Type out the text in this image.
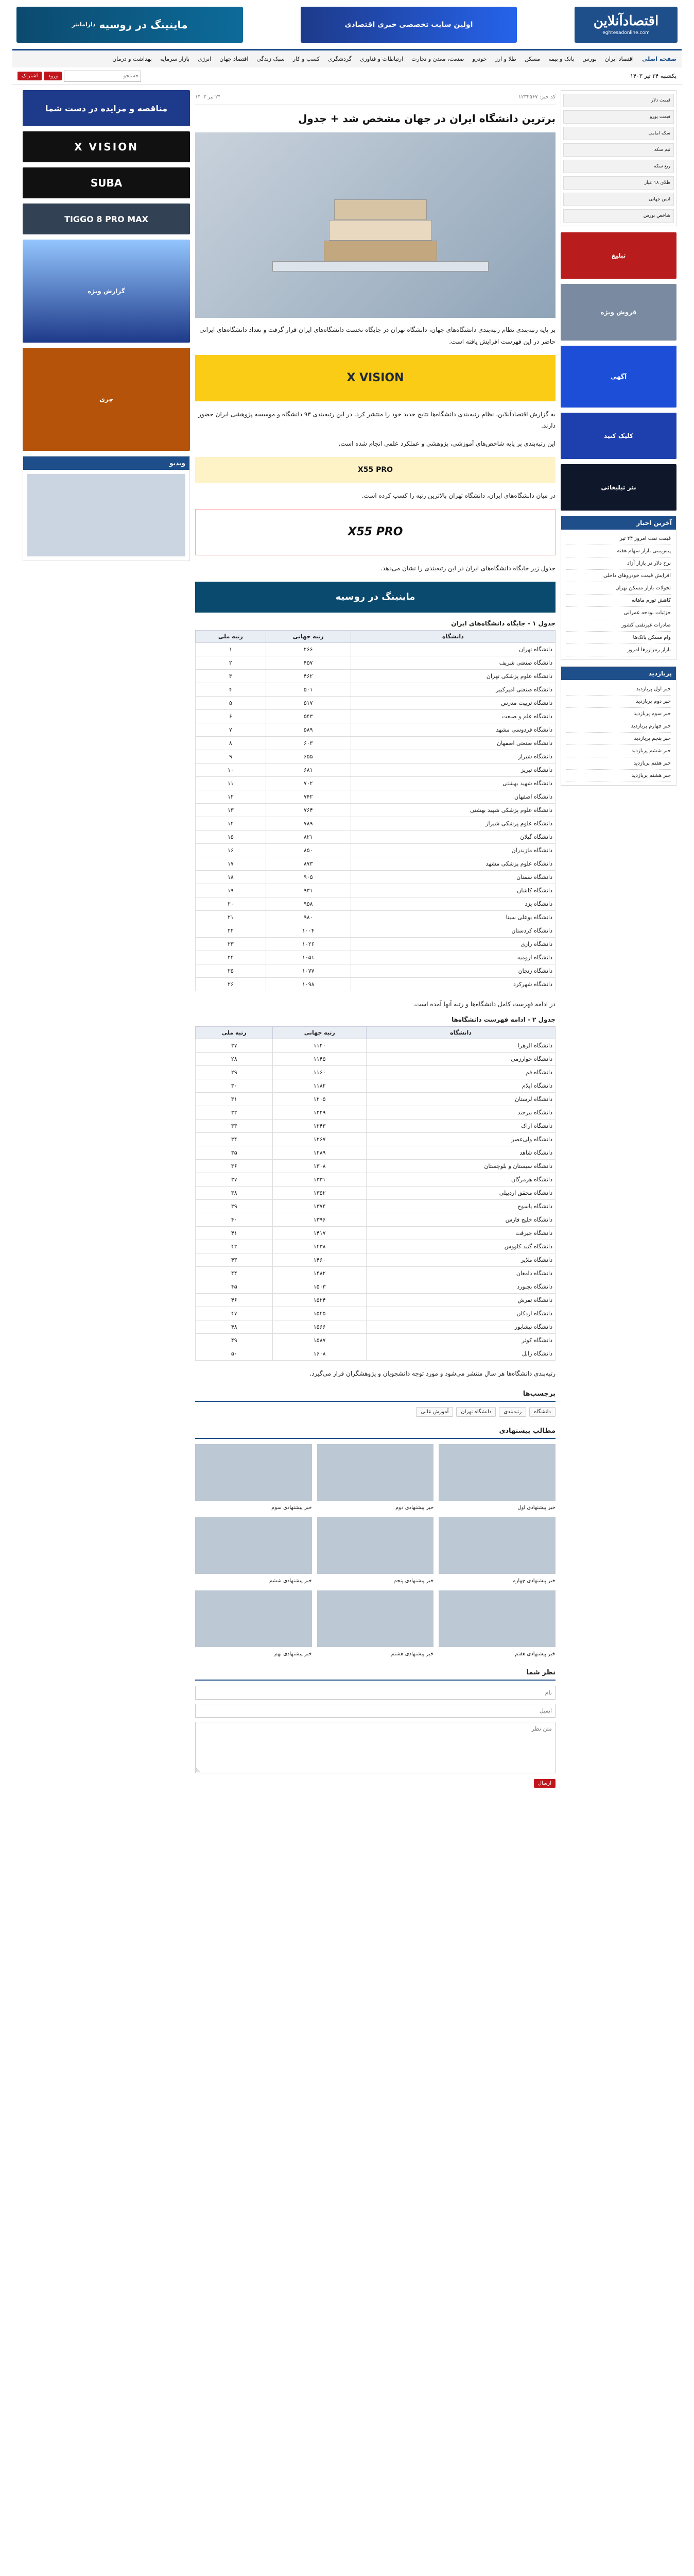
اقتصادآنلاین
eghtesadonline.com
اولین سایت تخصصی خبری اقتصادی
ماینینگ در روسیه

داراماینر
صفحه اصلی
اقتصاد ایران
بورس
بانک و بیمه
مسکن
طلا و ارز
خودرو
صنعت، معدن و تجارت
ارتباطات و فناوری
گردشگری
کسب و کار
سبک زندگی
اقتصاد جهان
انرژی
بازار سرمایه
بهداشت و درمان
یکشنبه ۲۴ تیر ۱۴۰۳
جستجو
ورود
اشتراک
قیمت دلار
قیمت یورو
سکه امامی
نیم سکه
ربع سکه
طلای ۱۸ عیار
انس جهانی
شاخص بورس
تبلیغ
فروش ویژه
آگهی
کلیک کنید
بنر تبلیغاتی
آخرین اخبار
قیمت نفت امروز ۲۴ تیر
پیش‌بینی بازار سهام هفته
نرخ دلار در بازار آزاد
افزایش قیمت خودروهای داخلی
تحولات بازار مسکن تهران
کاهش تورم ماهانه
جزئیات بودجه عمرانی
صادرات غیرنفتی کشور
وام مسکن بانک‌ها
بازار رمزارزها امروز
پربازدید
خبر اول پربازدید
خبر دوم پربازدید
خبر سوم پربازدید
خبر چهارم پربازدید
خبر پنجم پربازدید
خبر ششم پربازدید
خبر هفتم پربازدید
خبر هشتم پربازدید
کد خبر: ۱۲۳۴۵۶۷
۲۴ تیر ۱۴۰۳
برترین دانشگاه ایران در جهان مشخص شد + جدول

بر پایه رتبه‌بندی نظام رتبه‌بندی دانشگاه‌های جهان، دانشگاه تهران در جایگاه نخست دانشگاه‌های ایران قرار گرفت و تعداد دانشگاه‌های ایرانی حاضر در این فهرست افزایش یافته است.

X VISION

به گزارش اقتصادآنلاین، نظام رتبه‌بندی دانشگاه‌ها نتایج جدید خود را منتشر کرد. در این رتبه‌بندی ۹۳ دانشگاه و موسسه پژوهشی ایران حضور دارند.

این رتبه‌بندی بر پایه شاخص‌های آموزشی، پژوهشی و عملکرد علمی انجام شده است.

X55 PRO

در میان دانشگاه‌های ایران، دانشگاه تهران بالاترین رتبه را کسب کرده است.

X55 PRO

جدول زیر جایگاه دانشگاه‌های ایران در این رتبه‌بندی را نشان می‌دهد.

ماینینگ در روسیه
جدول ۱ - جایگاه دانشگاه‌های ایران
دانشگاه	رتبه جهانی	رتبه ملی
دانشگاه تهران	۲۶۶	۱
دانشگاه صنعتی شریف	۴۵۷	۲
دانشگاه علوم پزشکی تهران	۴۶۲	۳
دانشگاه صنعتی امیرکبیر	۵۰۱	۴
دانشگاه تربیت مدرس	۵۱۷	۵
دانشگاه علم و صنعت	۵۴۳	۶
دانشگاه فردوسی مشهد	۵۸۹	۷
دانشگاه صنعتی اصفهان	۶۰۳	۸
دانشگاه شیراز	۶۵۵	۹
دانشگاه تبریز	۶۸۱	۱۰
دانشگاه شهید بهشتی	۷۰۲	۱۱
دانشگاه اصفهان	۷۴۲	۱۲
دانشگاه علوم پزشکی شهید بهشتی	۷۶۴	۱۳
دانشگاه علوم پزشکی شیراز	۷۸۹	۱۴
دانشگاه گیلان	۸۲۱	۱۵
دانشگاه مازندران	۸۵۰	۱۶
دانشگاه علوم پزشکی مشهد	۸۷۳	۱۷
دانشگاه سمنان	۹۰۵	۱۸
دانشگاه کاشان	۹۳۱	۱۹
دانشگاه یزد	۹۵۸	۲۰
دانشگاه بوعلی سینا	۹۸۰	۲۱
دانشگاه کردستان	۱۰۰۴	۲۲
دانشگاه رازی	۱۰۲۶	۲۳
دانشگاه ارومیه	۱۰۵۱	۲۴
دانشگاه زنجان	۱۰۷۷	۲۵
دانشگاه شهرکرد	۱۰۹۸	۲۶

در ادامه فهرست کامل دانشگاه‌ها و رتبه آنها آمده است.

جدول ۲ - ادامه فهرست دانشگاه‌ها
دانشگاه	رتبه جهانی	رتبه ملی
دانشگاه الزهرا	۱۱۲۰	۲۷
دانشگاه خوارزمی	۱۱۴۵	۲۸
دانشگاه قم	۱۱۶۰	۲۹
دانشگاه ایلام	۱۱۸۲	۳۰
دانشگاه لرستان	۱۲۰۵	۳۱
دانشگاه بیرجند	۱۲۲۹	۳۲
دانشگاه اراک	۱۲۴۳	۳۳
دانشگاه ولی‌عصر	۱۲۶۷	۳۴
دانشگاه شاهد	۱۲۸۹	۳۵
دانشگاه سیستان و بلوچستان	۱۳۰۸	۳۶
دانشگاه هرمزگان	۱۳۳۱	۳۷
دانشگاه محقق اردبیلی	۱۳۵۲	۳۸
دانشگاه یاسوج	۱۳۷۴	۳۹
دانشگاه خلیج فارس	۱۳۹۶	۴۰
دانشگاه جیرفت	۱۴۱۷	۴۱
دانشگاه گنبد کاووس	۱۴۳۸	۴۲
دانشگاه ملایر	۱۴۶۰	۴۳
دانشگاه دامغان	۱۴۸۲	۴۴
دانشگاه بجنورد	۱۵۰۳	۴۵
دانشگاه تفرش	۱۵۲۴	۴۶
دانشگاه اردکان	۱۵۴۵	۴۷
دانشگاه نیشابور	۱۵۶۶	۴۸
دانشگاه کوثر	۱۵۸۷	۴۹
دانشگاه زابل	۱۶۰۸	۵۰

رتبه‌بندی دانشگاه‌ها هر سال منتشر می‌شود و مورد توجه دانشجویان و پژوهشگران قرار می‌گیرد.

برچسب‌ها
دانشگاه
رتبه‌بندی
دانشگاه تهران
آموزش عالی
مطالب پیشنهادی
خبر پیشنهادی اول
خبر پیشنهادی دوم
خبر پیشنهادی سوم
خبر پیشنهادی چهارم
خبر پیشنهادی پنجم
خبر پیشنهادی ششم
خبر پیشنهادی هفتم
خبر پیشنهادی هشتم
خبر پیشنهادی نهم
نظر شما
نام ایمیل متن نظر ارسال
مناقصه و مزایده در دست شما
X VISION
SUBA
TIGGO 8 PRO MAX
گزارش ویژه
چری
ویدیو
